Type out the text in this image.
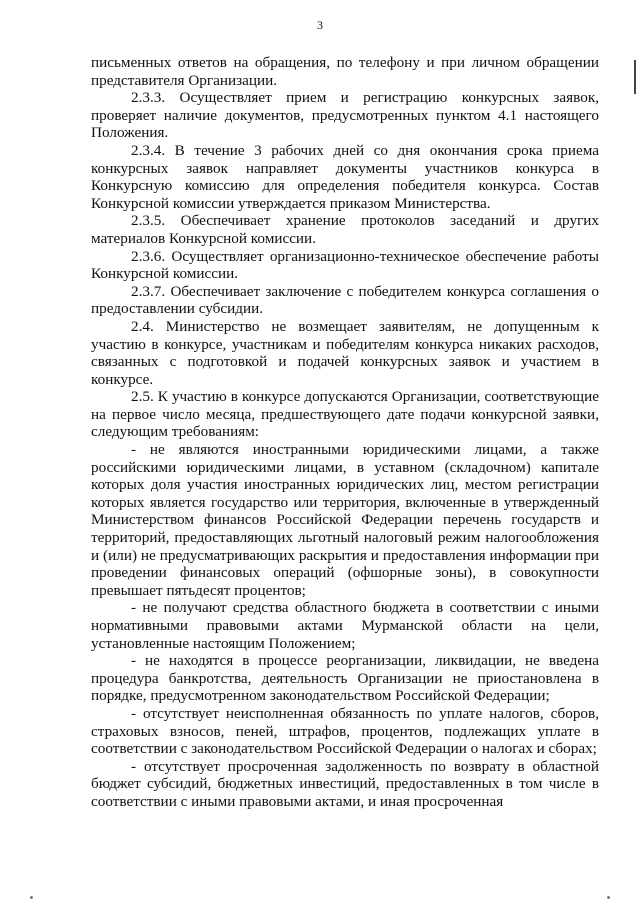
3

письменных ответов на обращения, по телефону и при личном обращении представителя Организации.

2.3.3. Осуществляет прием и регистрацию конкурсных заявок, проверяет наличие документов, предусмотренных пунктом 4.1 настоящего Положения.

2.3.4. В течение 3 рабочих дней со дня окончания срока приема конкурсных заявок направляет документы участников конкурса в Конкурсную комиссию для определения победителя конкурса. Состав Конкурсной комиссии утверждается приказом Министерства.

2.3.5. Обеспечивает хранение протоколов заседаний и других материалов Конкурсной комиссии.

2.3.6. Осуществляет организационно-техническое обеспечение работы Конкурсной комиссии.

2.3.7. Обеспечивает заключение с победителем конкурса соглашения о предоставлении субсидии.

2.4. Министерство не возмещает заявителям, не допущенным к участию в конкурсе, участникам и победителям конкурса никаких расходов, связанных с подготовкой и подачей конкурсных заявок и участием в конкурсе.

2.5. К участию в конкурсе допускаются Организации, соответствующие на первое число месяца, предшествующего дате подачи конкурсной заявки, следующим требованиям:

- не являются иностранными юридическими лицами, а также российскими юридическими лицами, в уставном (складочном) капитале которых доля участия иностранных юридических лиц, местом регистрации которых является государство или территория, включенные в утвержденный Министерством финансов Российской Федерации перечень государств и территорий, предоставляющих льготный налоговый режим налогообложения и (или) не предусматривающих раскрытия и предоставления информации при проведении финансовых операций (офшорные зоны), в совокупности превышает пятьдесят процентов;

- не получают средства областного бюджета в соответствии с иными нормативными правовыми актами Мурманской области на цели, установленные настоящим Положением;

- не находятся в процессе реорганизации, ликвидации, не введена процедура банкротства, деятельность Организации не приостановлена в порядке, предусмотренном законодательством Российской Федерации;

- отсутствует неисполненная обязанность по уплате налогов, сборов, страховых взносов, пеней, штрафов, процентов, подлежащих уплате в соответствии с законодательством Российской Федерации о налогах и сборах;

- отсутствует просроченная задолженность по возврату в областной бюджет субсидий, бюджетных инвестиций, предоставленных в том числе в соответствии с иными правовыми актами, и иная просроченная
